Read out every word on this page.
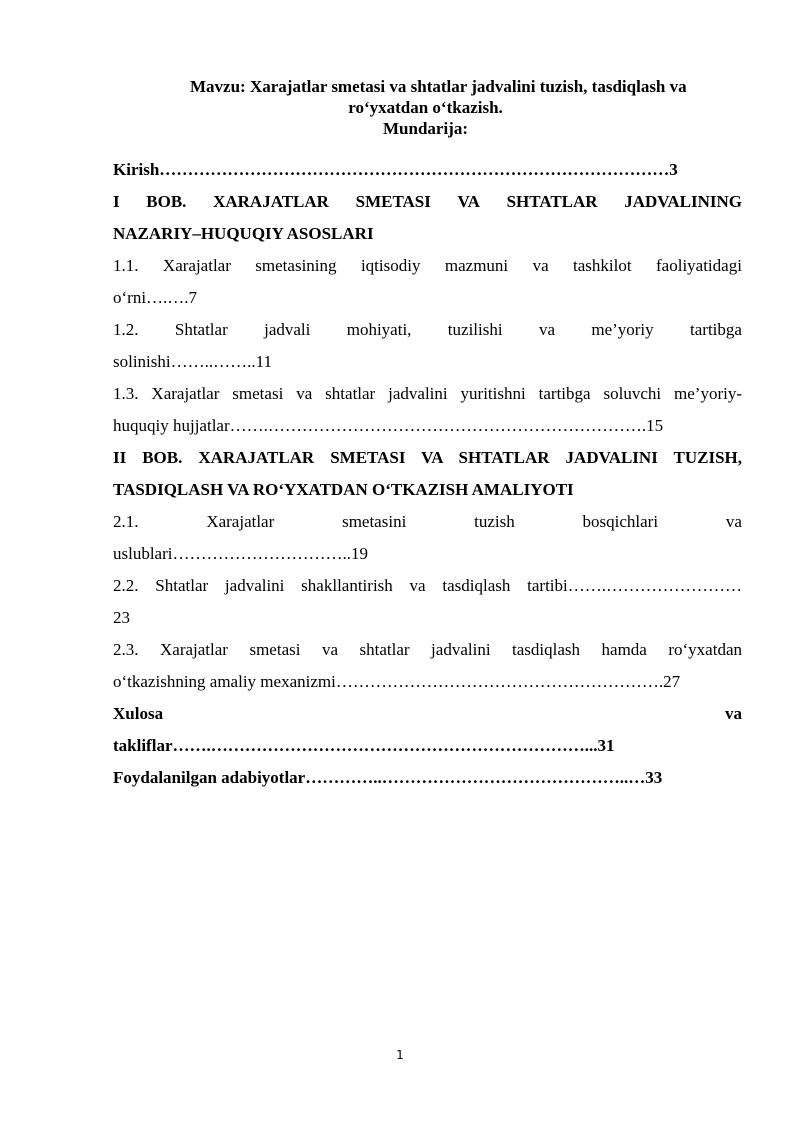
Mavzu: Xarajatlar smetasi va shtatlar jadvalini tuzish, tasdiqlash va
ro‘yxatdan o‘tkazish.
Mundarija:
Kirish………………………………………………………………………………3
I BOB. XARAJATLAR SMETASI VA SHTATLAR JADVALINING
NAZARIY–HUQUQIY ASOSLARI
1.1. Xarajatlar smetasining iqtisodiy mazmuni va tashkilot faoliyatidagi
o‘rni….….7
1.2. Shtatlar jadvali mohiyati, tuzilishi va me’yoriy tartibga
solinishi……..……..11
1.3. Xarajatlar smetasi va shtatlar jadvalini yuritishni tartibga soluvchi me’yoriy-
huquqiy hujjatlar…….………………………………………………………….15
II BOB. XARAJATLAR SMETASI VA SHTATLAR JADVALINI TUZISH,
TASDIQLASH VA RO‘YXATDAN O‘TKAZISH AMALIYOTI
2.1.	Xarajatlar	smetasini	tuzish	bosqichlari	va
uslublari…………………………..19
2.2. Shtatlar jadvalini shakllantirish va tasdiqlash tartibi…….……………………
23
2.3. Xarajatlar smetasi va shtatlar jadvalini tasdiqlash hamda ro‘yxatdan
o‘tkazishning amaliy mexanizmi………………………………………………….27
Xulosa	va
takliflar…….…………………………………………………………...31
Foydalanilgan adabiyotlar…………..……………………………………..…33
1
